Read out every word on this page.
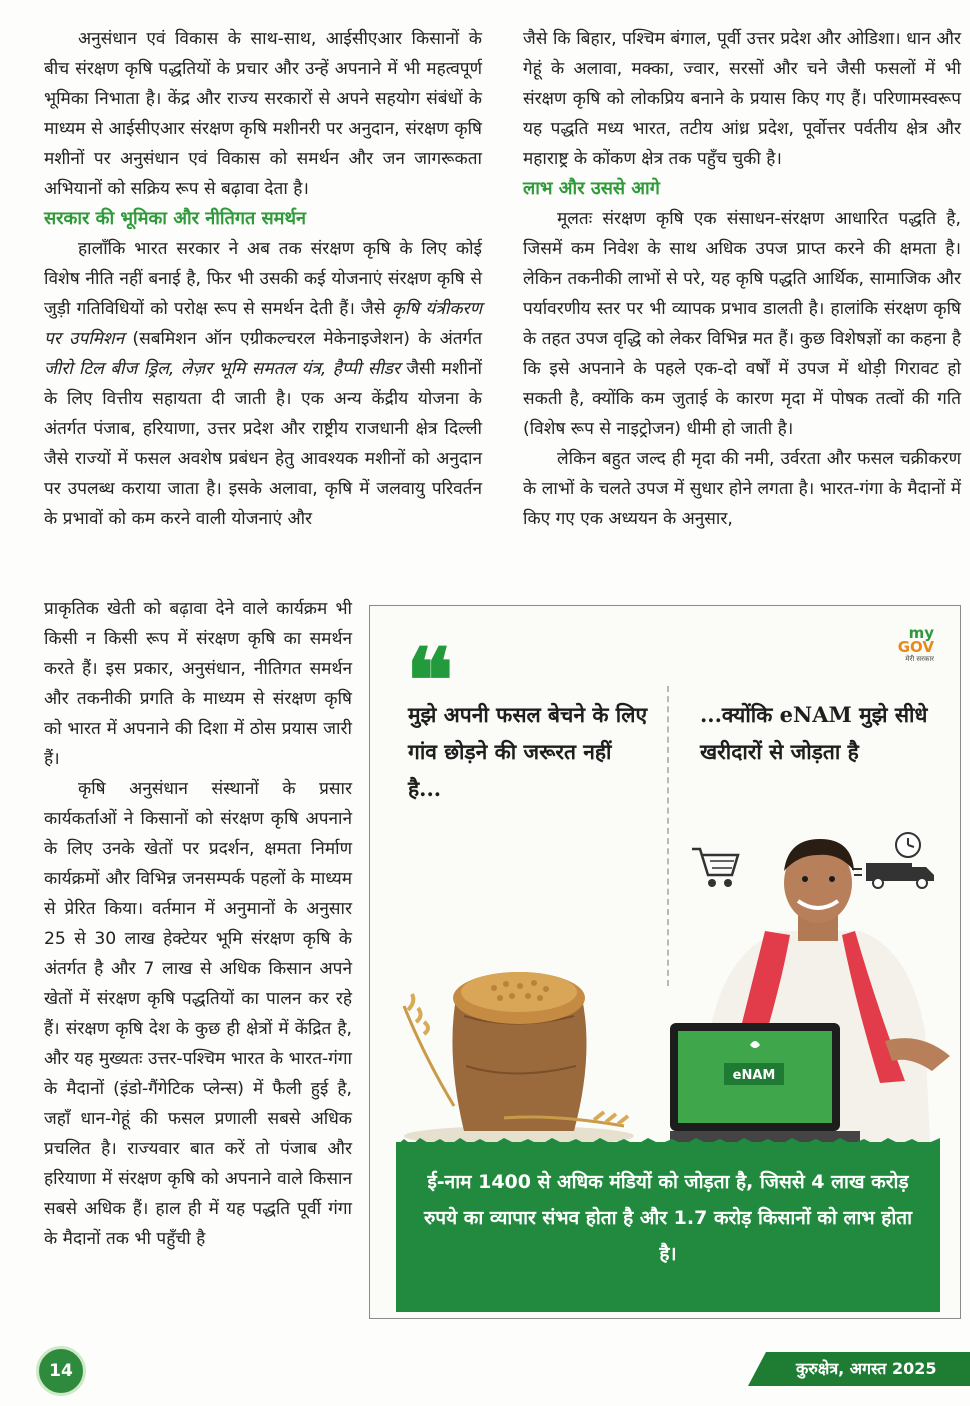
अनुसंधान एवं विकास के साथ-साथ, आईसीएआर किसानों के बीच संरक्षण कृषि पद्धतियों के प्रचार और उन्हें अपनाने में भी महत्वपूर्ण भूमिका निभाता है। केंद्र और राज्य सरकारों से अपने सहयोग संबंधों के माध्यम से आईसीएआर संरक्षण कृषि मशीनरी पर अनुदान, संरक्षण कृषि मशीनों पर अनुसंधान एवं विकास को समर्थन और जन जागरूकता अभियानों को सक्रिय रूप से बढ़ावा देता है।

सरकार की भूमिका और नीतिगत समर्थन

हालाँकि भारत सरकार ने अब तक संरक्षण कृषि के लिए कोई विशेष नीति नहीं बनाई है, फिर भी उसकी कई योजनाएं संरक्षण कृषि से जुड़ी गतिविधियों को परोक्ष रूप से समर्थन देती हैं। जैसे कृषि यंत्रीकरण पर उपमिशन (सबमिशन ऑन एग्रीकल्चरल मेकेनाइजेशन) के अंतर्गत जीरो टिल बीज ड्रिल, लेज़र भूमि समतल यंत्र, हैप्पी सीडर जैसी मशीनों के लिए वित्तीय सहायता दी जाती है। एक अन्य केंद्रीय योजना के अंतर्गत पंजाब, हरियाणा, उत्तर प्रदेश और राष्ट्रीय राजधानी क्षेत्र दिल्ली जैसे राज्यों में फसल अवशेष प्रबंधन हेतु आवश्यक मशीनों को अनुदान पर उपलब्ध कराया जाता है। इसके अलावा, कृषि में जलवायु परिवर्तन के प्रभावों को कम करने वाली योजनाएं और

प्राकृतिक खेती को बढ़ावा देने वाले कार्यक्रम भी किसी न किसी रूप में संरक्षण कृषि का समर्थन करते हैं। इस प्रकार, अनुसंधान, नीतिगत समर्थन और तकनीकी प्रगति के माध्यम से संरक्षण कृषि को भारत में अपनाने की दिशा में ठोस प्रयास जारी हैं।

कृषि अनुसंधान संस्थानों के प्रसार कार्यकर्ताओं ने किसानों को संरक्षण कृषि अपनाने के लिए उनके खेतों पर प्रदर्शन, क्षमता निर्माण कार्यक्रमों और विभिन्न जनसम्पर्क पहलों के माध्यम से प्रेरित किया। वर्तमान में अनुमानों के अनुसार 25 से 30 लाख हेक्टेयर भूमि संरक्षण कृषि के अंतर्गत है और 7 लाख से अधिक किसान अपने खेतों में संरक्षण कृषि पद्धतियों का पालन कर रहे हैं। संरक्षण कृषि देश के कुछ ही क्षेत्रों में केंद्रित है, और यह मुख्यतः उत्तर-पश्चिम भारत के भारत-गंगा के मैदानों (इंडो-गैंगेटिक प्लेन्स) में फैली हुई है, जहाँ धान-गेहूं की फसल प्रणाली सबसे अधिक प्रचलित है। राज्यवार बात करें तो पंजाब और हरियाणा में संरक्षण कृषि को अपनाने वाले किसान सबसे अधिक हैं। हाल ही में यह पद्धति पूर्वी गंगा के मैदानों तक भी पहुँची है

जैसे कि बिहार, पश्चिम बंगाल, पूर्वी उत्तर प्रदेश और ओडिशा। धान और गेहूं के अलावा, मक्का, ज्वार, सरसों और चने जैसी फसलों में भी संरक्षण कृषि को लोकप्रिय बनाने के प्रयास किए गए हैं। परिणामस्वरूप यह पद्धति मध्य भारत, तटीय आंध्र प्रदेश, पूर्वोत्तर पर्वतीय क्षेत्र और महाराष्ट्र के कोंकण क्षेत्र तक पहुँच चुकी है।

लाभ और उससे आगे

मूलतः संरक्षण कृषि एक संसाधन-संरक्षण आधारित पद्धति है, जिसमें कम निवेश के साथ अधिक उपज प्राप्त करने की क्षमता है। लेकिन तकनीकी लाभों से परे, यह कृषि पद्धति आर्थिक, सामाजिक और पर्यावरणीय स्तर पर भी व्यापक प्रभाव डालती है। हालांकि संरक्षण कृषि के तहत उपज वृद्धि को लेकर विभिन्न मत हैं। कुछ विशेषज्ञों का कहना है कि इसे अपनाने के पहले एक-दो वर्षों में उपज में थोड़ी गिरावट हो सकती है, क्योंकि कम जुताई के कारण मृदा में पोषक तत्वों की गति (विशेष रूप से नाइट्रोजन) धीमी हो जाती है।

लेकिन बहुत जल्द ही मृदा की नमी, उर्वरता और फसल चक्रीकरण के लाभों के चलते उपज में सुधार होने लगता है। भारत-गंगा के मैदानों में किए गए एक अध्ययन के अनुसार,

my
GOV
मेरी सरकार
❝
मुझे अपनी फसल बेचने के लिए गांव छोड़ने की जरूरत नहीं है...
...क्योंकि eNAM मुझे सीधे खरीदारों से जोड़ता है
eNAM
ई-नाम 1400 से अधिक मंडियों को जोड़ता है, जिससे 4 लाख करोड़ रुपये का व्यापार संभव होता है और 1.7 करोड़ किसानों को लाभ होता है।
14	कुरुक्षेत्र, अगस्त 2025
